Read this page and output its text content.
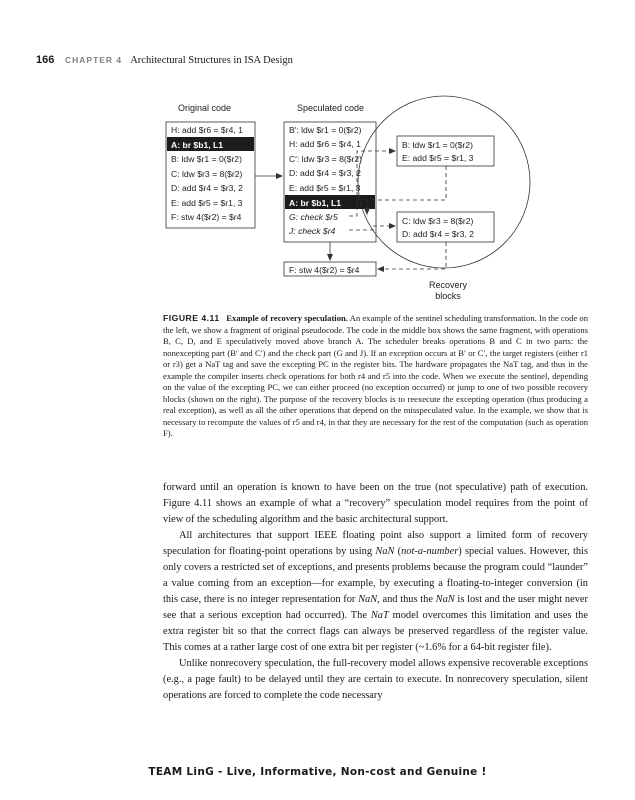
166 CHAPTER 4 Architectural Structures in ISA Design
Original code	Speculated code
H: add $r6 = $r4, 1
A: br $b1, L1
B: ldw $r1 = 0($r2)
C: ldw $r3 = 8($r2)
D: add $r4 = $r3, 2
E: add $r5 = $r1, 3
F: stw 4($r2) = $r4
B′: ldw $r1 = 0($r2)
H: add $r6 = $r4, 1
C′: ldw $r3 = 8($r2)
D: add $r4 = $r3, 2
E: add $r5 = $r1, 3
A: br $b1, L1
G: check $r5
J: check $r4
B: ldw $r1 = 0($r2)
E: add $r5 = $r1, 3
C: ldw $r3 = 8($r2)
D: add $r4 = $r3, 2
F: stw 4($r2) = $r4
Recovery
blocks
FIGURE 4.11 Example of recovery speculation. An example of the sentinel scheduling transformation. In the code on the left, we show a fragment of original pseudocode. The code in the middle box shows the same fragment, with operations B, C, D, and E speculatively moved above branch A. The scheduler breaks operations B and C in two parts: the nonexcepting part (B′ and C′) and the check part (G and J). If an exception occurs at B′ or C′, the target registers (either r1 or r3) get a NaT tag and save the excepting PC in the register bits. The hardware propagates the NaT tag, and thus in the example the compiler inserts check operations for both r4 and r5 into the code. When we execute the sentinel, depending on the value of the excepting PC, we can either proceed (no exception occurred) or jump to one of two possible recovery blocks (shown on the right). The purpose of the recovery blocks is to reexecute the excepting operation (thus producing a real exception), as well as all the other operations that depend on the misspeculated value. In the example, we show that is necessary to recompute the values of r5 and r4, in that they are necessary for the rest of the computation (such as operation F).

forward until an operation is known to have been on the true (not speculative) path of execution. Figure 4.11 shows an example of what a “recovery” speculation model requires from the point of view of the scheduling algorithm and the basic architectural support.

All architectures that support IEEE floating point also support a limited form of recovery speculation for floating-point operations by using NaN (not-a-number) special values. However, this only covers a restricted set of exceptions, and presents problems because the program could “launder” a value coming from an exception—for example, by executing a floating-to-integer conversion (in this case, there is no integer representation for NaN, and thus the NaN is lost and the user might never see that a serious exception had occurred). The NaT model overcomes this limitation and uses the extra register bit so that the correct flags can always be preserved regardless of the register value. This comes at a rather large cost of one extra bit per register (~1.6% for a 64-bit register file).

Unlike nonrecovery speculation, the full-recovery model allows expensive recoverable exceptions (e.g., a page fault) to be delayed until they are certain to execute. In nonrecovery speculation, silent operations are forced to complete the code necessary

TEAM LinG - Live, Informative, Non-cost and Genuine !
